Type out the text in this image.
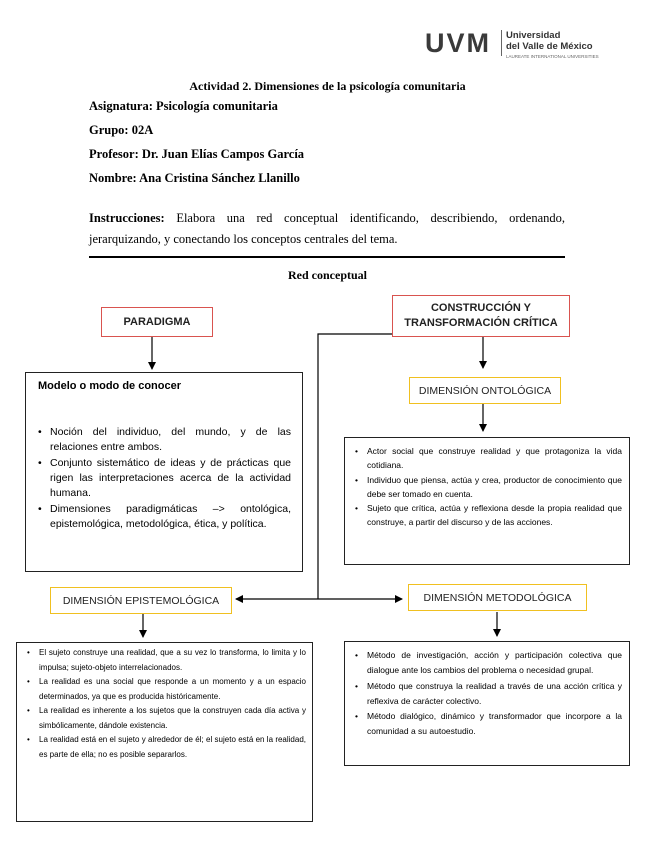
UVM Universidad
del Valle de México
LAUREATE INTERNATIONAL UNIVERSITIES
Actividad 2. Dimensiones de la psicología comunitaria
Asignatura: Psicología comunitaria
Grupo: 02A
Profesor: Dr. Juan Elías Campos García
Nombre: Ana Cristina Sánchez Llanillo
Instrucciones: Elabora una red conceptual identificando, describiendo, ordenando, jerarquizando, y conectando los conceptos centrales del tema.
Red conceptual
PARADIGMA
Modelo o modo de conocer
• Noción del individuo, del mundo, y de las relaciones entre ambos.
• Conjunto sistemático de ideas y de prácticas que rigen las interpretaciones acerca de la actividad humana.
• Dimensiones paradigmáticas –> ontológica, epistemológica, metodológica, ética, y política.
CONSTRUCCIÓN Y
TRANSFORMACIÓN CRÍTICA
DIMENSIÓN ONTOLÓGICA
• Actor social que construye realidad y que protagoniza la vida cotidiana.
• Individuo que piensa, actúa y crea, productor de conocimiento que debe ser tomado en cuenta.
• Sujeto que crítica, actúa y reflexiona desde la propia realidad que construye, a partir del discurso y de las acciones.
DIMENSIÓN EPISTEMOLÓGICA
• El sujeto construye una realidad, que a su vez lo transforma, lo limita y lo impulsa; sujeto-objeto interrelacionados.
• La realidad es una social que responde a un momento y a un espacio determinados, ya que es producida históricamente.
• La realidad es inherente a los sujetos que la construyen cada día activa y simbólicamente, dándole existencia.
• La realidad está en el sujeto y alrededor de él; el sujeto está en la realidad, es parte de ella; no es posible separarlos.
DIMENSIÓN METODOLÓGICA
• Método de investigación, acción y participación colectiva que dialogue ante los cambios del problema o necesidad grupal.
• Método que construya la realidad a través de una acción crítica y reflexiva de carácter colectivo.
• Método dialógico, dinámico y transformador que incorpore a la comunidad a su autoestudio.
